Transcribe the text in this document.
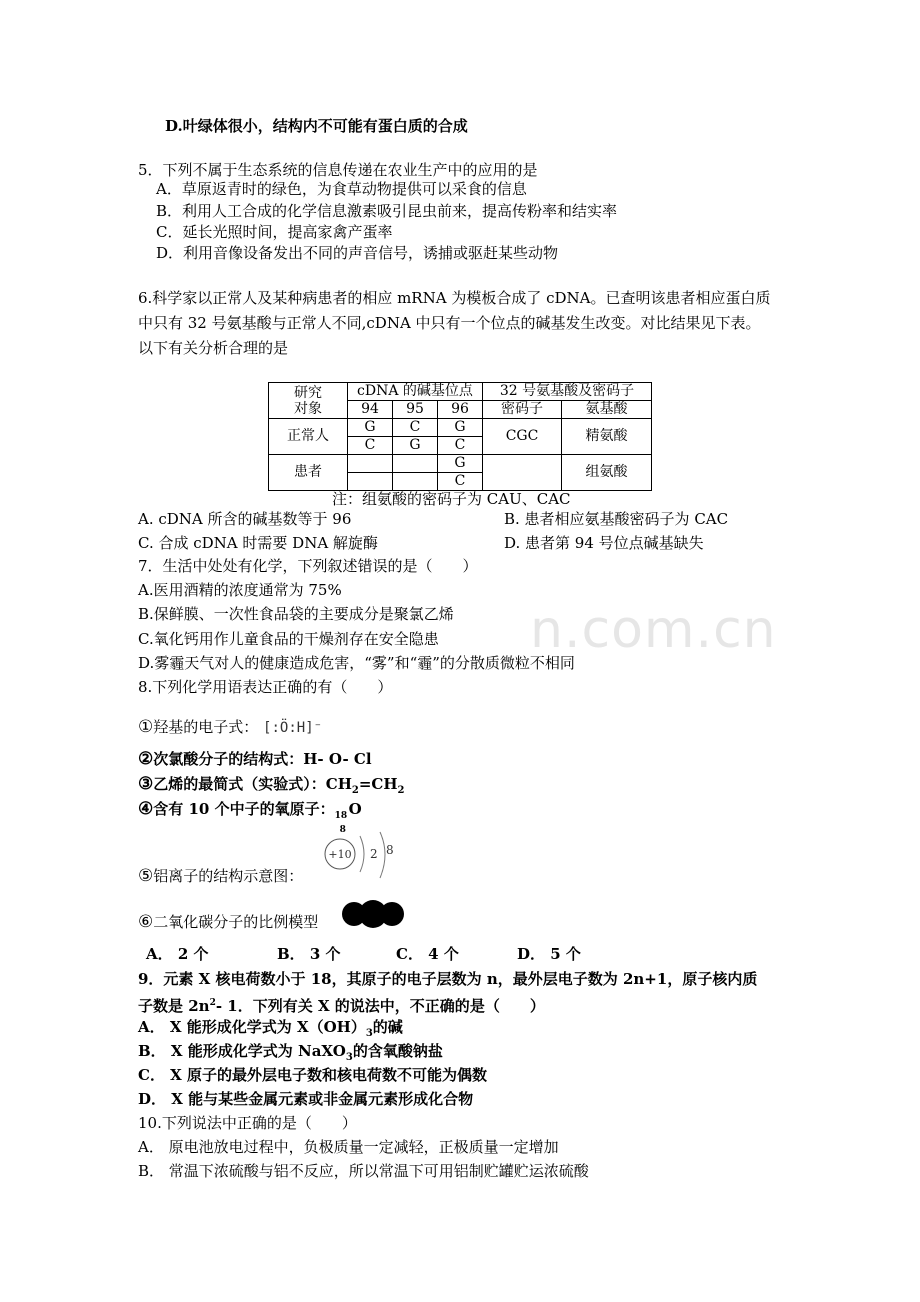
n.com.cn
D.叶绿体很小，结构内不可能有蛋白质的合成
5．下列不属于生态系统的信息传递在农业生产中的应用的是
A．草原返青时的绿色，为食草动物提供可以采食的信息
B．利用人工合成的化学信息激素吸引昆虫前来，提高传粉率和结实率
C．延长光照时间，提高家禽产蛋率
D．利用音像设备发出不同的声音信号，诱捕或驱赶某些动物
6.科学家以正常人及某种病患者的相应 mRNA 为模板合成了 cDNA。已查明该患者相应蛋白质
中只有 32 号氨基酸与正常人不同,cDNA 中只有一个位点的碱基发生改变。对比结果见下表。
以下有关分析合理的是
研究
对象	cDNA 的碱基位点			32 号氨基酸及密码子	
	94	95	96	密码子	氨基酸
正常人	G	C	G	CGC	精氨酸
	C	G	C		
患者			G		组氨酸
			C		
注：组氨酸的密码子为 CAU、CAC
A. cDNA 所含的碱基数等于 96	B. 患者相应氨基酸密码子为 CAC
C. 合成 cDNA 时需要 DNA 解旋酶	D. 患者第 94 号位点碱基缺失
7．生活中处处有化学，下列叙述错误的是（　　）
A.医用酒精的浓度通常为 75%
B.保鲜膜、一次性食品袋的主要成分是聚氯乙烯
C.氧化钙用作儿童食品的干燥剂存在安全隐患
D.雾霾天气对人的健康造成危害，“雾”和“霾”的分散质微粒不相同
8.下列化学用语表达正确的有（　　）
①羟基的电子式： [:Ö:H]⁻
②次氯酸分子的结构式：H- O- Cl
③乙烯的最简式（实验式）：$CH_2=CH_2$
④含有 10 个中子的氧原子： 18
8
O
+10 2 8
⑤铝离子的结构示意图：
⑥二氧化碳分子的比例模型
A． 2 个	B． 3 个	C． 4 个	D． 5 个
9．元素 X 核电荷数小于 18，其原子的电子层数为 n，最外层电子数为 2n+1，原子核内质
子数是 $2n^2-$ 1．下列有关 X 的说法中，不正确的是（　　）
A． X 能形成化学式为 $X(OH)_3$的碱
B． X 能形成化学式为 NaXO$_3$的含氧酸钠盐
C． X 原子的最外层电子数和核电荷数不可能为偶数
D． X 能与某些金属元素或非金属元素形成化合物
10.下列说法中正确的是（　　）
A． 原电池放电过程中，负极质量一定减轻，正极质量一定增加
B． 常温下浓硫酸与铝不反应，所以常温下可用铝制贮罐贮运浓硫酸
